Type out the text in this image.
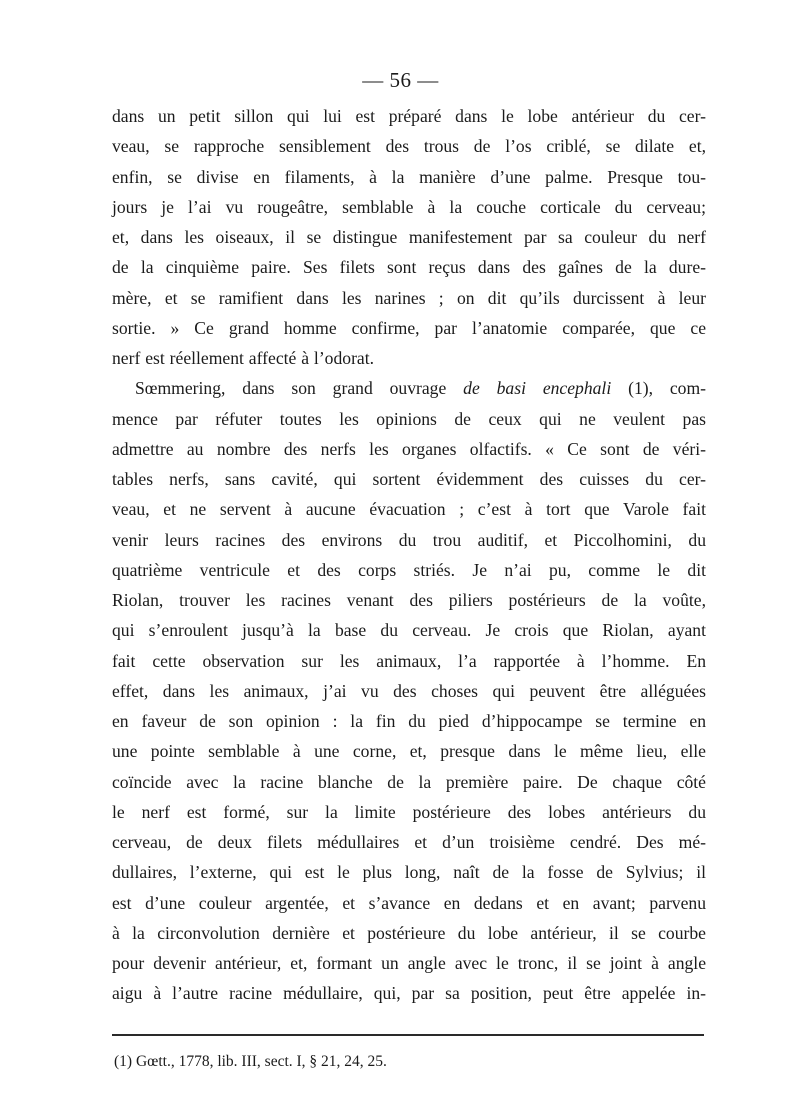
— 56 —

dans un petit sillon qui lui est préparé dans le lobe antérieur du cer-
veau, se rapproche sensiblement des trous de l’os criblé, se dilate et,
enfin, se divise en filaments, à la manière d’une palme. Presque tou-
jours je l’ai vu rougeâtre, semblable à la couche corticale du cerveau;
et, dans les oiseaux, il se distingue manifestement par sa couleur du nerf
de la cinquième paire. Ses filets sont reçus dans des gaînes de la dure-
mère, et se ramifient dans les narines ; on dit qu’ils durcissent à leur
sortie. » Ce grand homme confirme, par l’anatomie comparée, que ce

nerf est réellement affecté à l’odorat.

Sœmmering, dans son grand ouvrage de basi encephali (1), com-
mence par réfuter toutes les opinions de ceux qui ne veulent pas
admettre au nombre des nerfs les organes olfactifs. « Ce sont de véri-
tables nerfs, sans cavité, qui sortent évidemment des cuisses du cer-
veau, et ne servent à aucune évacuation ; c’est à tort que Varole fait
venir leurs racines des environs du trou auditif, et Piccolhomini, du
quatrième ventricule et des corps striés. Je n’ai pu, comme le dit
Riolan, trouver les racines venant des piliers postérieurs de la voûte,
qui s’enroulent jusqu’à la base du cerveau. Je crois que Riolan, ayant
fait cette observation sur les animaux, l’a rapportée à l’homme. En
effet, dans les animaux, j’ai vu des choses qui peuvent être alléguées
en faveur de son opinion : la fin du pied d’hippocampe se termine en
une pointe semblable à une corne, et, presque dans le même lieu, elle
coïncide avec la racine blanche de la première paire. De chaque côté
le nerf est formé, sur la limite postérieure des lobes antérieurs du
cerveau, de deux filets médullaires et d’un troisième cendré. Des mé-
dullaires, l’externe, qui est le plus long, naît de la fosse de Sylvius; il
est d’une couleur argentée, et s’avance en dedans et en avant; parvenu
à la circonvolution dernière et postérieure du lobe antérieur, il se courbe
pour devenir antérieur, et, formant un angle avec le tronc, il se joint à angle
aigu à l’autre racine médullaire, qui, par sa position, peut être appelée in-

(1) Gœtt., 1778, lib. III, sect. I, § 21, 24, 25.
